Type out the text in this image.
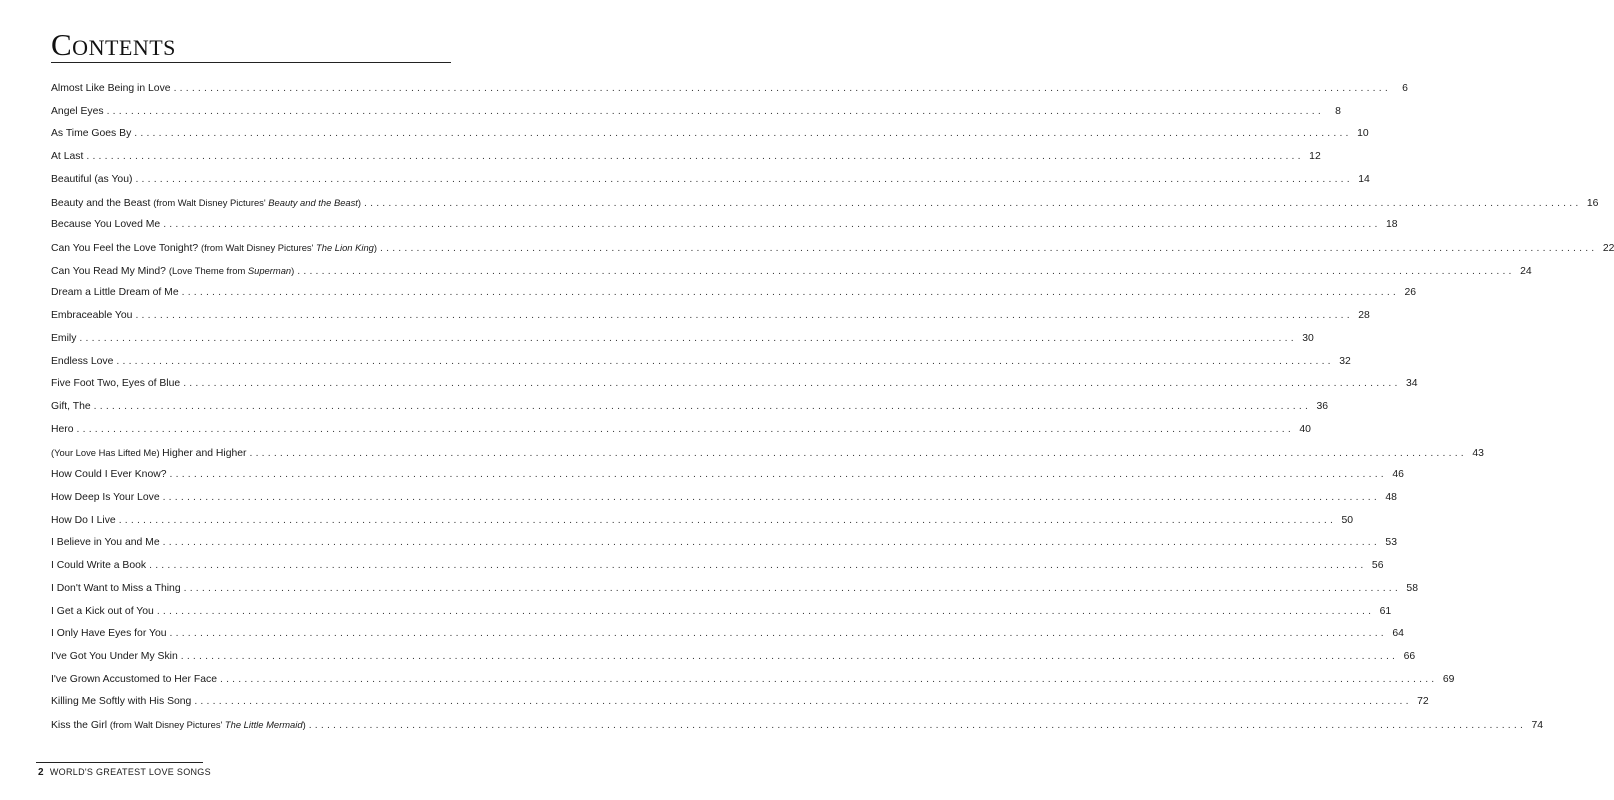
Contents
Almost Like Being in Love ........................................................................................................................................................................................................	6
Angel Eyes ........................................................................................................................................................................................................	8
As Time Goes By ........................................................................................................................................................................................................ 10
At Last ........................................................................................................................................................................................................ 12
Beautiful (as You) ........................................................................................................................................................................................................ 14
Beauty and the Beast (from Walt Disney Pictures' Beauty and the Beast) ........................................................................................................................................................................................................ 16
Because You Loved Me ........................................................................................................................................................................................................ 18
Can You Feel the Love Tonight? (from Walt Disney Pictures' The Lion King) ........................................................................................................................................................................................................ 22
Can You Read My Mind? (Love Theme from Superman) ........................................................................................................................................................................................................ 24
Dream a Little Dream of Me ........................................................................................................................................................................................................ 26
Embraceable You ........................................................................................................................................................................................................ 28
Emily ........................................................................................................................................................................................................ 30
Endless Love ........................................................................................................................................................................................................ 32
Five Foot Two, Eyes of Blue ........................................................................................................................................................................................................ 34
Gift, The ........................................................................................................................................................................................................ 36
Hero ........................................................................................................................................................................................................ 40
(Your Love Has Lifted Me) Higher and Higher ........................................................................................................................................................................................................ 43
How Could I Ever Know? ........................................................................................................................................................................................................ 46
How Deep Is Your Love ........................................................................................................................................................................................................ 48
How Do I Live ........................................................................................................................................................................................................ 50
I Believe in You and Me ........................................................................................................................................................................................................ 53
I Could Write a Book ........................................................................................................................................................................................................ 56
I Don't Want to Miss a Thing ........................................................................................................................................................................................................ 58
I Get a Kick out of You ........................................................................................................................................................................................................ 61
I Only Have Eyes for You ........................................................................................................................................................................................................ 64
I've Got You Under My Skin ........................................................................................................................................................................................................ 66
I've Grown Accustomed to Her Face ........................................................................................................................................................................................................ 69
Killing Me Softly with His Song ........................................................................................................................................................................................................ 72
Kiss the Girl (from Walt Disney Pictures' The Little Mermaid) ........................................................................................................................................................................................................ 74
2 WORLD'S GREATEST LOVE SONGS
